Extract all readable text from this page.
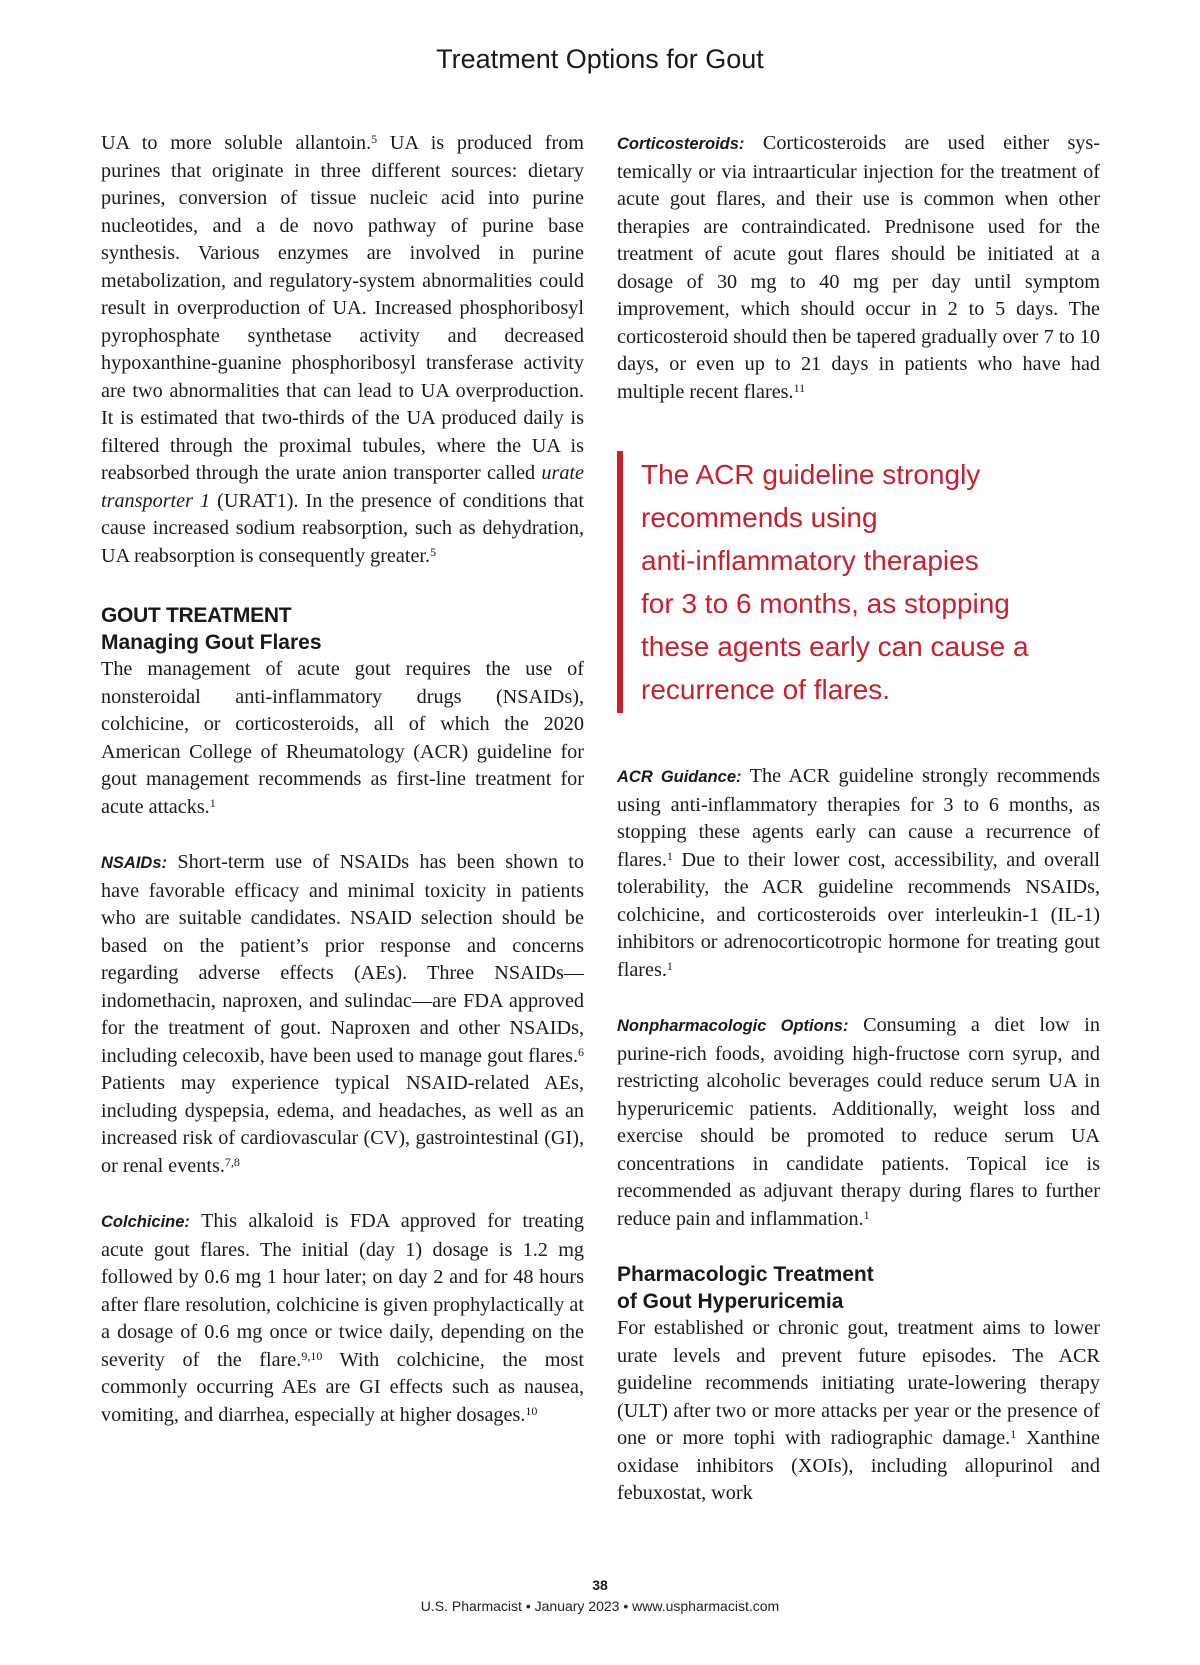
Treatment Options for Gout

UA to more soluble allantoin.$^5$ UA is produced from purines that originate in three different sources: dietary purines, conversion of tissue nucleic acid into purine nucleotides, and a de novo pathway of purine base synthesis. Various enzymes are involved in purine metabolization, and regulatory-system abnormalities could result in overproduction of UA. Increased phosphoribosyl pyrophosphate synthetase activity and decreased hypoxanthine-guanine phosphoribosyl transferase activity are two abnormalities that can lead to UA overproduction. It is estimated that two-thirds of the UA produced daily is filtered through the proximal tubules, where the UA is reabsorbed through the urate anion transporter called urate transporter 1 (URAT1). In the presence of conditions that cause increased sodium reabsorption, such as dehydration, UA reabsorption is consequently greater.$^5$

GOUT TREATMENT
Managing Gout Flares

The management of acute gout requires the use of nonsteroidal anti-inflammatory drugs (NSAIDs), colchicine, or corticosteroids, all of which the 2020 American College of Rheumatology (ACR) guideline for gout management recommends as first-line treatment for acute attacks.$^1$

NSAIDs: Short-term use of NSAIDs has been shown to have favorable efficacy and minimal toxicity in patients who are suitable candidates. NSAID selection should be based on the patient’s prior response and concerns regarding adverse effects (AEs). Three NSAIDs—indomethacin, naproxen, and sulindac—are FDA approved for the treatment of gout. Naproxen and other NSAIDs, including celecoxib, have been used to manage gout flares.$^6$ Patients may experience typical NSAID-related AEs, including dyspepsia, edema, and headaches, as well as an increased risk of cardiovascular (CV), gastrointestinal (GI), or renal events.$^{7,8}$

Colchicine: This alkaloid is FDA approved for treating acute gout flares. The initial (day 1) dosage is 1.2 mg followed by 0.6 mg 1 hour later; on day 2 and for 48 hours after flare resolution, colchicine is given prophylactically at a dosage of 0.6 mg once or twice daily, depending on the severity of the flare.$^{9,10}$ With colchicine, the most commonly occurring AEs are GI effects such as nausea, vomiting, and diarrhea, especially at higher dosages.$^{10}$

Corticosteroids: Corticosteroids are used either systemically or via intraarticular injection for the treatment of acute gout flares, and their use is common when other therapies are contraindicated. Prednisone used for the treatment of acute gout flares should be initiated at a dosage of 30 mg to 40 mg per day until symptom improvement, which should occur in 2 to 5 days. The corticosteroid should then be tapered gradually over 7 to 10 days, or even up to 21 days in patients who have had multiple recent flares.$^{11}$

The ACR guideline strongly
recommends using
anti-inflammatory therapies
for 3 to 6 months, as stopping
these agents early can cause a
recurrence of flares.

ACR Guidance: The ACR guideline strongly recommends using anti-inflammatory therapies for 3 to 6 months, as stopping these agents early can cause a recurrence of flares.$^1$ Due to their lower cost, accessibility, and overall tolerability, the ACR guideline recommends NSAIDs, colchicine, and corticosteroids over interleukin-1 (IL-1) inhibitors or adrenocorticotropic hormone for treating gout flares.$^1$

Nonpharmacologic Options: Consuming a diet low in purine-rich foods, avoiding high-fructose corn syrup, and restricting alcoholic beverages could reduce serum UA in hyperuricemic patients. Additionally, weight loss and exercise should be promoted to reduce serum UA concentrations in candidate patients. Topical ice is recommended as adjuvant therapy during flares to further reduce pain and inflammation.$^1$

Pharmacologic Treatment
of Gout Hyperuricemia

For established or chronic gout, treatment aims to lower urate levels and prevent future episodes. The ACR guideline recommends initiating urate-lowering therapy (ULT) after two or more attacks per year or the presence of one or more tophi with radiographic damage.$^1$ Xanthine oxidase inhibitors (XOIs), including allopurinol and febuxostat, work

38
U.S. Pharmacist • January 2023 • www.uspharmacist.com
